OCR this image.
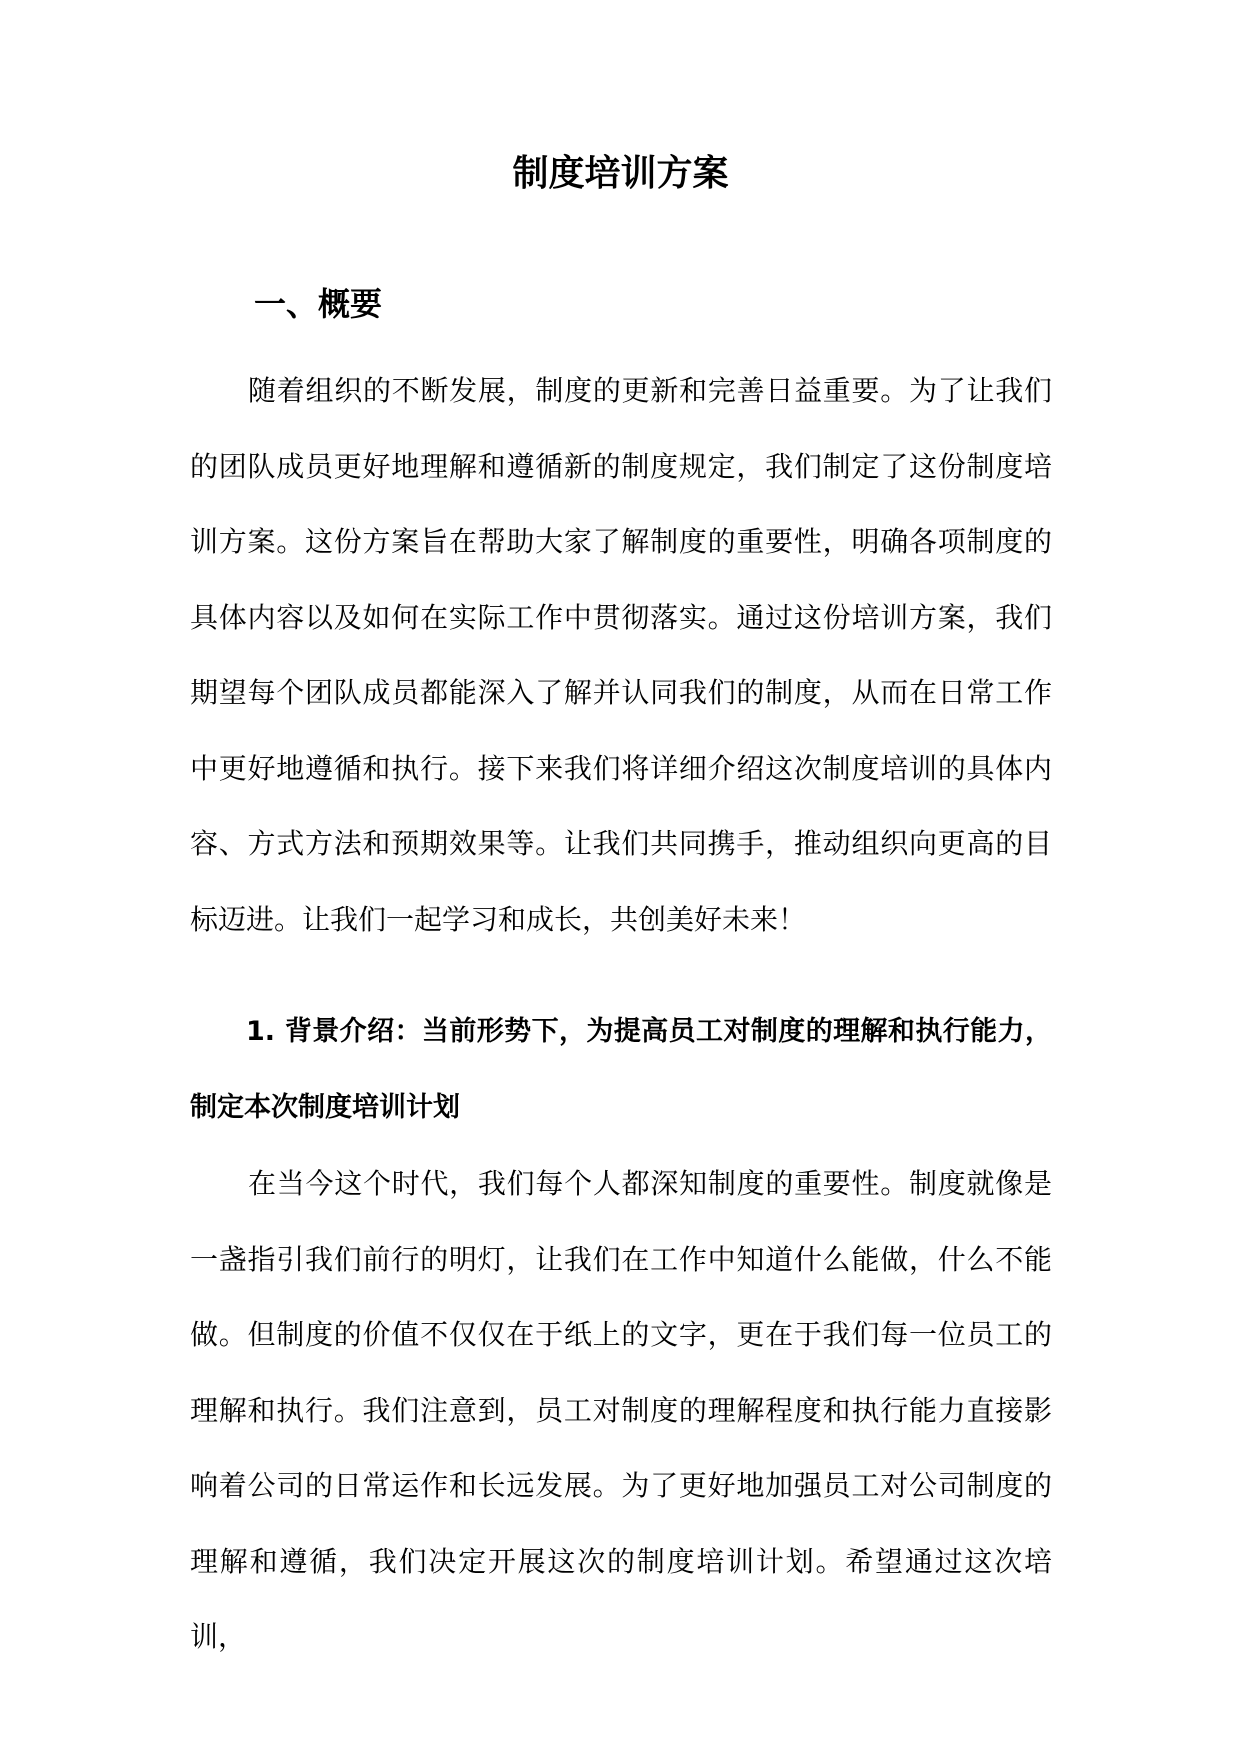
制度培训方案
一、概要

随着组织的不断发展，制度的更新和完善日益重要。为了让我们的团队成员更好地理解和遵循新的制度规定，我们制定了这份制度培训方案。这份方案旨在帮助大家了解制度的重要性，明确各项制度的具体内容以及如何在实际工作中贯彻落实。通过这份培训方案，我们期望每个团队成员都能深入了解并认同我们的制度，从而在日常工作中更好地遵循和执行。接下来我们将详细介绍这次制度培训的具体内容、方式方法和预期效果等。让我们共同携手，推动组织向更高的目标迈进。让我们一起学习和成长，共创美好未来！

1. 背景介绍：当前形势下，为提高员工对制度的理解和执行能力，制定本次制度培训计划

在当今这个时代，我们每个人都深知制度的重要性。制度就像是一盏指引我们前行的明灯，让我们在工作中知道什么能做，什么不能做。但制度的价值不仅仅在于纸上的文字，更在于我们每一位员工的理解和执行。我们注意到，员工对制度的理解程度和执行能力直接影响着公司的日常运作和长远发展。为了更好地加强员工对公司制度的理解和遵循，我们决定开展这次的制度培训计划。希望通过这次培训，
